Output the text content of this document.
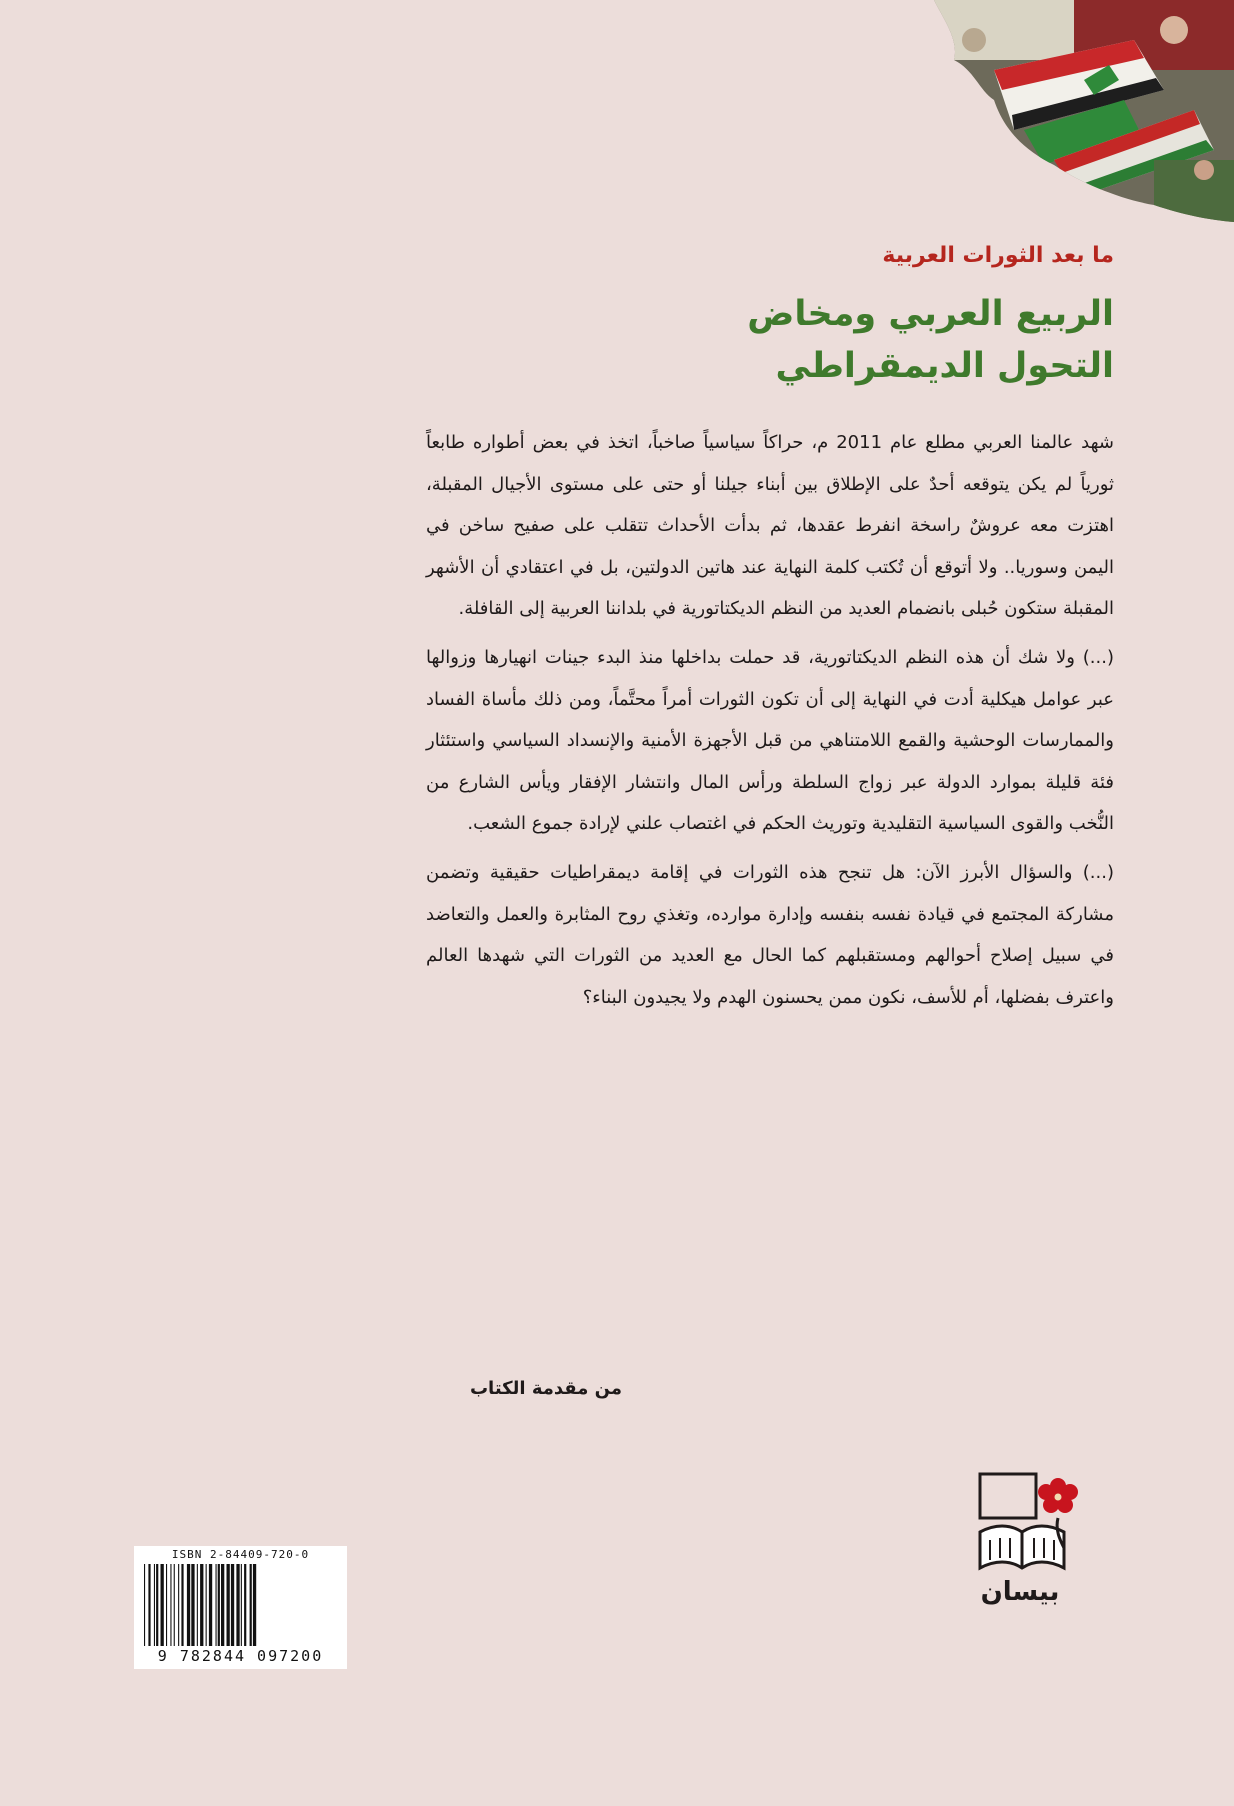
ما بعد الثورات العربية
الربيع العربي ومخاض
التحول الديمقراطي

شهد عالمنا العربي مطلع عام 2011 م، حراكاً سياسياً صاخباً، اتخذ في بعض أطواره طابعاً ثورياً لم يكن يتوقعه أحدٌ على الإطلاق بين أبناء جيلنا أو حتى على مستوى الأجيال المقبلة، اهتزت معه عروشٌ راسخة انفرط عقدها، ثم بدأت الأحداث تتقلب على صفيح ساخن في اليمن وسوريا.. ولا أتوقع أن تُكتب كلمة النهاية عند هاتين الدولتين، بل في اعتقادي أن الأشهر المقبلة ستكون حُبلى بانضمام العديد من النظم الديكتاتورية في بلداننا العربية إلى القافلة.

(...) ولا شك أن هذه النظم الديكتاتورية، قد حملت بداخلها منذ البدء جينات انهيارها وزوالها عبر عوامل هيكلية أدت في النهاية إلى أن تكون الثورات أمراً محتَّماً، ومن ذلك مأساة الفساد والممارسات الوحشية والقمع اللامتناهي من قبل الأجهزة الأمنية والإنسداد السياسي واستئثار فئة قليلة بموارد الدولة عبر زواج السلطة ورأس المال وانتشار الإفقار ويأس الشارع من النُّخب والقوى السياسية التقليدية وتوريث الحكم في اغتصاب علني لإرادة جموع الشعب.

(...) والسؤال الأبرز الآن: هل تنجح هذه الثورات في إقامة ديمقراطيات حقيقية وتضمن مشاركة المجتمع في قيادة نفسه بنفسه وإدارة موارده، وتغذي روح المثابرة والعمل والتعاضد في سبيل إصلاح أحوالهم ومستقبلهم كما الحال مع العديد من الثورات التي شهدها العالم واعترف بفضلها، أم للأسف، نكون ممن يحسنون الهدم ولا يجيدون البناء؟

من مقدمة الكتاب
بيسان
ISBN 2-84409-720-0
9 782844 097200
